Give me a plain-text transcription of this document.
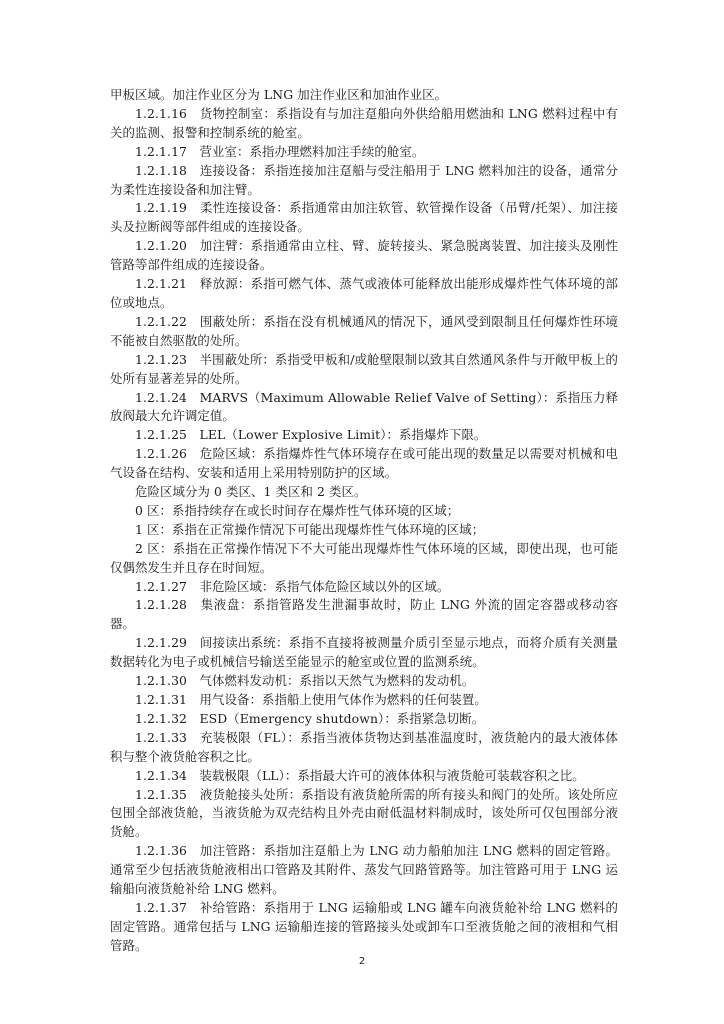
甲板区域。加注作业区分为 LNG 加注作业区和加油作业区。

1.2.1.16　货物控制室：系指设有与加注趸船向外供给船用燃油和 LNG 燃料过程中有关的监测、报警和控制系统的舱室。

1.2.1.17　营业室：系指办理燃料加注手续的舱室。

1.2.1.18　连接设备：系指连接加注趸船与受注船用于 LNG 燃料加注的设备，通常分为柔性连接设备和加注臂。

1.2.1.19　柔性连接设备：系指通常由加注软管、软管操作设备（吊臂/托架）、加注接头及拉断阀等部件组成的连接设备。

1.2.1.20　加注臂：系指通常由立柱、臂、旋转接头、紧急脱离装置、加注接头及刚性管路等部件组成的连接设备。

1.2.1.21　释放源：系指可燃气体、蒸气或液体可能释放出能形成爆炸性气体环境的部位或地点。

1.2.1.22　围蔽处所：系指在没有机械通风的情况下，通风受到限制且任何爆炸性环境不能被自然驱散的处所。

1.2.1.23　半围蔽处所：系指受甲板和/或舱壁限制以致其自然通风条件与开敞甲板上的处所有显著差异的处所。

1.2.1.24　MARVS（Maximum Allowable Relief Valve of Setting）：系指压力释放阀最大允许调定值。

1.2.1.25　LEL（Lower Explosive Limit）：系指爆炸下限。

1.2.1.26　危险区域：系指爆炸性气体环境存在或可能出现的数量足以需要对机械和电气设备在结构、安装和适用上采用特别防护的区域。

危险区域分为 0 类区、1 类区和 2 类区。

0 区：系指持续存在或长时间存在爆炸性气体环境的区域；

1 区：系指在正常操作情况下可能出现爆炸性气体环境的区域；

2 区：系指在正常操作情况下不大可能出现爆炸性气体环境的区域，即使出现，也可能仅偶然发生并且存在时间短。

1.2.1.27　非危险区域：系指气体危险区域以外的区域。

1.2.1.28　集液盘：系指管路发生泄漏事故时，防止 LNG 外流的固定容器或移动容器。

1.2.1.29　间接读出系统：系指不直接将被测量介质引至显示地点，而将介质有关测量数据转化为电子或机械信号输送至能显示的舱室或位置的监测系统。

1.2.1.30　气体燃料发动机：系指以天然气为燃料的发动机。

1.2.1.31　用气设备：系指船上使用气体作为燃料的任何装置。

1.2.1.32　ESD（Emergency shutdown）：系指紧急切断。

1.2.1.33　充装极限（FL）：系指当液体货物达到基准温度时，液货舱内的最大液体体积与整个液货舱容积之比。

1.2.1.34　装载极限（LL）：系指最大许可的液体体积与液货舱可装载容积之比。

1.2.1.35　液货舱接头处所：系指设有液货舱所需的所有接头和阀门的处所。该处所应包围全部液货舱，当液货舱为双壳结构且外壳由耐低温材料制成时，该处所可仅包围部分液货舱。

1.2.1.36　加注管路：系指加注趸船上为 LNG 动力船舶加注 LNG 燃料的固定管路。通常至少包括液货舱液相出口管路及其附件、蒸发气回路管路等。加注管路可用于 LNG 运输船向液货舱补给 LNG 燃料。

1.2.1.37　补给管路：系指用于 LNG 运输船或 LNG 罐车向液货舱补给 LNG 燃料的固定管路。通常包括与 LNG 运输船连接的管路接头处或卸车口至液货舱之间的液相和气相管路。

2
